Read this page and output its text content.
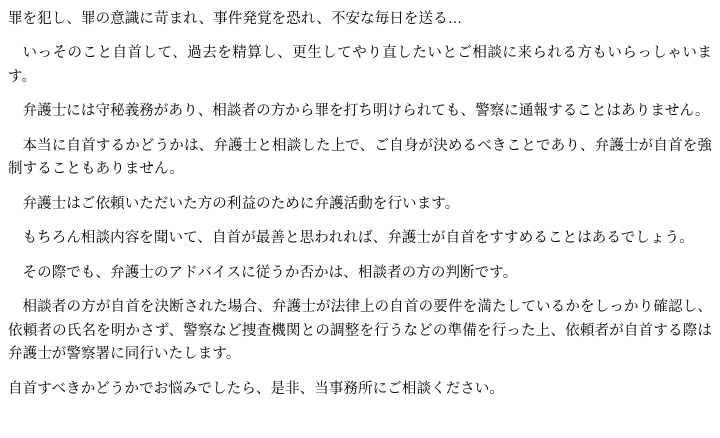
罪を犯し、罪の意識に苛まれ、事件発覚を恐れ、不安な毎日を送る…

いっそのこと自首して、過去を精算し、更生してやり直したいとご相談に来られる方もいらっしゃいます。

弁護士には守秘義務があり、相談者の方から罪を打ち明けられても、警察に通報することはありません。

本当に自首するかどうかは、弁護士と相談した上で、ご自身が決めるべきことであり、弁護士が自首を強制することもありません。

弁護士はご依頼いただいた方の利益のために弁護活動を行います。

もちろん相談内容を聞いて、自首が最善と思われれば、弁護士が自首をすすめることはあるでしょう。

その際でも、弁護士のアドバイスに従うか否かは、相談者の方の判断です。

相談者の方が自首を決断された場合、弁護士が法律上の自首の要件を満たしているかをしっかり確認し、依頼者の氏名を明かさず、警察など捜査機関との調整を行うなどの準備を行った上、依頼者が自首する際は弁護士が警察署に同行いたします。

自首すべきかどうかでお悩みでしたら、是非、当事務所にご相談ください。
